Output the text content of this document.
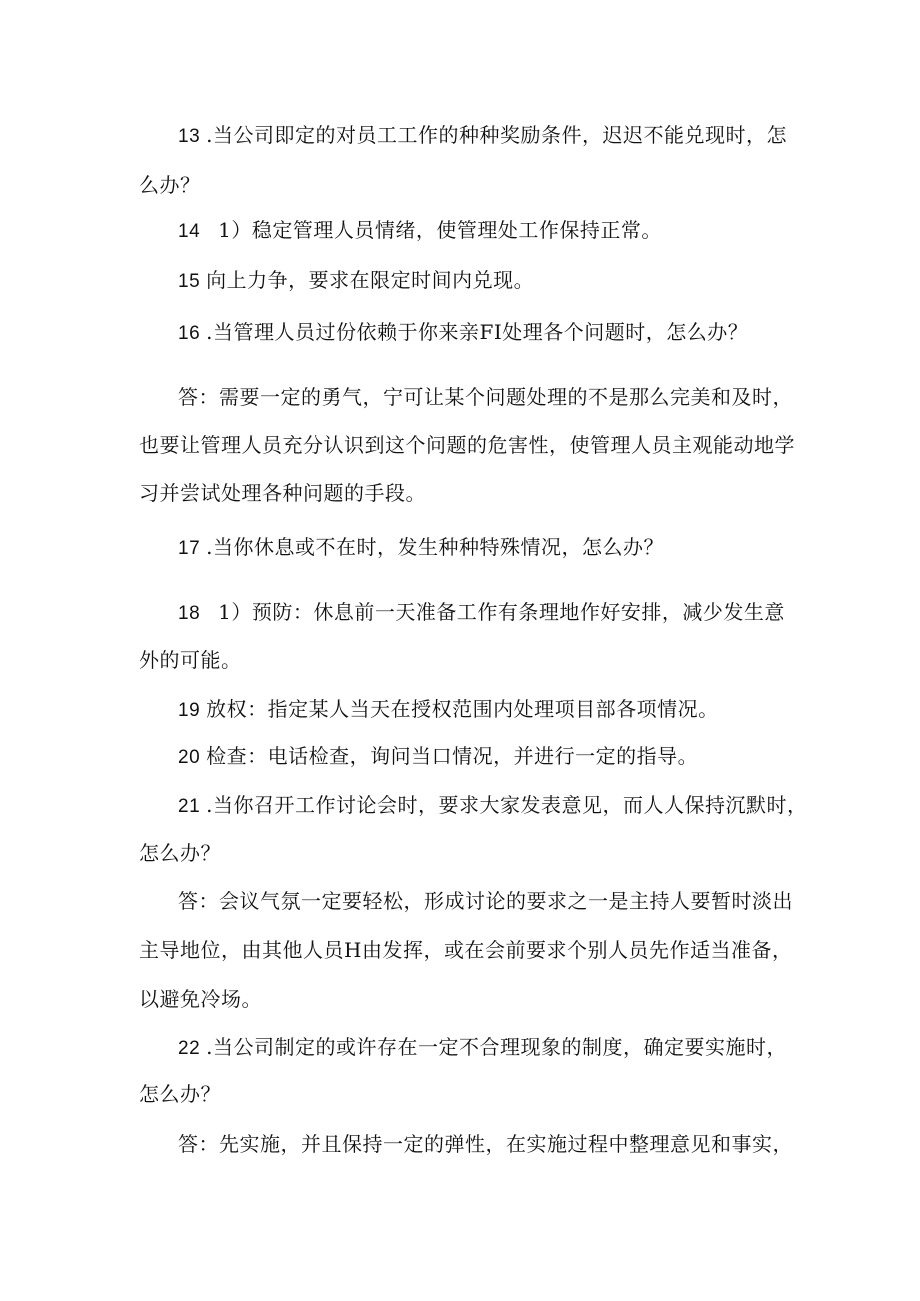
13 .当公司即定的对员工工作的种种奖励条件，迟迟不能兑现时，怎
么办？
14 1）稳定管理人员情绪，使管理处工作保持正常。
15 向上力争，要求在限定时间内兑现。
16 .当管理人员过份依赖于你来亲FI处理各个问题时，怎么办？
答：需要一定的勇气，宁可让某个问题处理的不是那么完美和及时，
也要让管理人员充分认识到这个问题的危害性，使管理人员主观能动地学
习并尝试处理各种问题的手段。
17 .当你休息或不在时，发生种种特殊情况，怎么办？
18 1）预防：休息前一天准备工作有条理地作好安排，减少发生意
外的可能。
19 放权：指定某人当天在授权范围内处理项目部各项情况。
20 检查：电话检查，询问当口情况，并进行一定的指导。
21 .当你召开工作讨论会时，要求大家发表意见，而人人保持沉默时，
怎么办？
答：会议气氛一定要轻松，形成讨论的要求之一是主持人要暂时淡出
主导地位，由其他人员H由发挥，或在会前要求个别人员先作适当准备，
以避免冷场。
22 .当公司制定的或许存在一定不合理现象的制度，确定要实施时，
怎么办？
答：先实施，并且保持一定的弹性，在实施过程中整理意见和事实，
